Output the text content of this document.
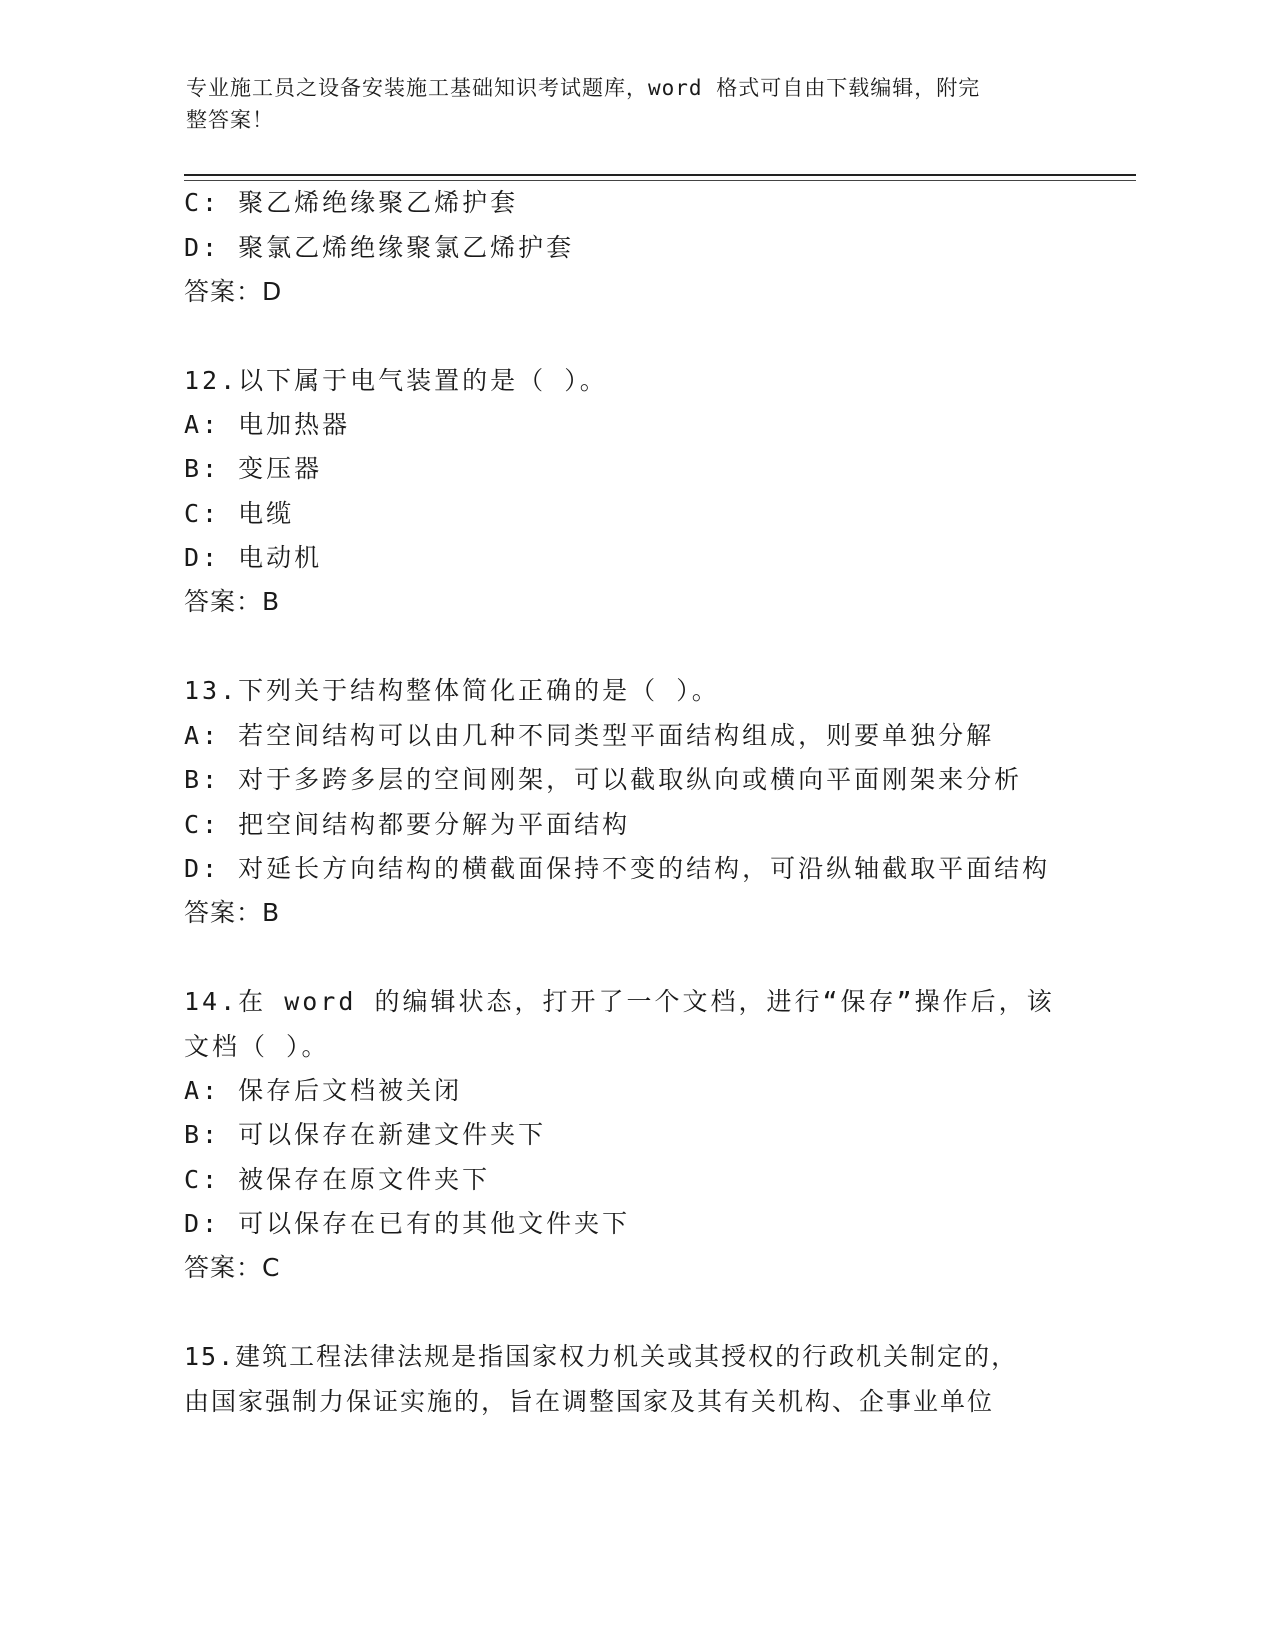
专业施工员之设备安装施工基础知识考试题库，word 格式可自由下载编辑，附完
整答案！
C: 聚乙烯绝缘聚乙烯护套
D: 聚氯乙烯绝缘聚氯乙烯护套
答案：D
12.以下属于电气装置的是（ ）。
A: 电加热器
B: 变压器
C: 电缆
D: 电动机
答案：B
13.下列关于结构整体简化正确的是（ ）。
A: 若空间结构可以由几种不同类型平面结构组成，则要单独分解
B: 对于多跨多层的空间刚架，可以截取纵向或横向平面刚架来分析
C: 把空间结构都要分解为平面结构
D: 对延长方向结构的横截面保持不变的结构，可沿纵轴截取平面结构
答案：B
14.在 word 的编辑状态，打开了一个文档，进行“保存”操作后，该
文档（ ）。
A: 保存后文档被关闭
B: 可以保存在新建文件夹下
C: 被保存在原文件夹下
D: 可以保存在已有的其他文件夹下
答案：C
15.建筑工程法律法规是指国家权力机关或其授权的行政机关制定的，
由国家强制力保证实施的，旨在调整国家及其有关机构、企事业单位
